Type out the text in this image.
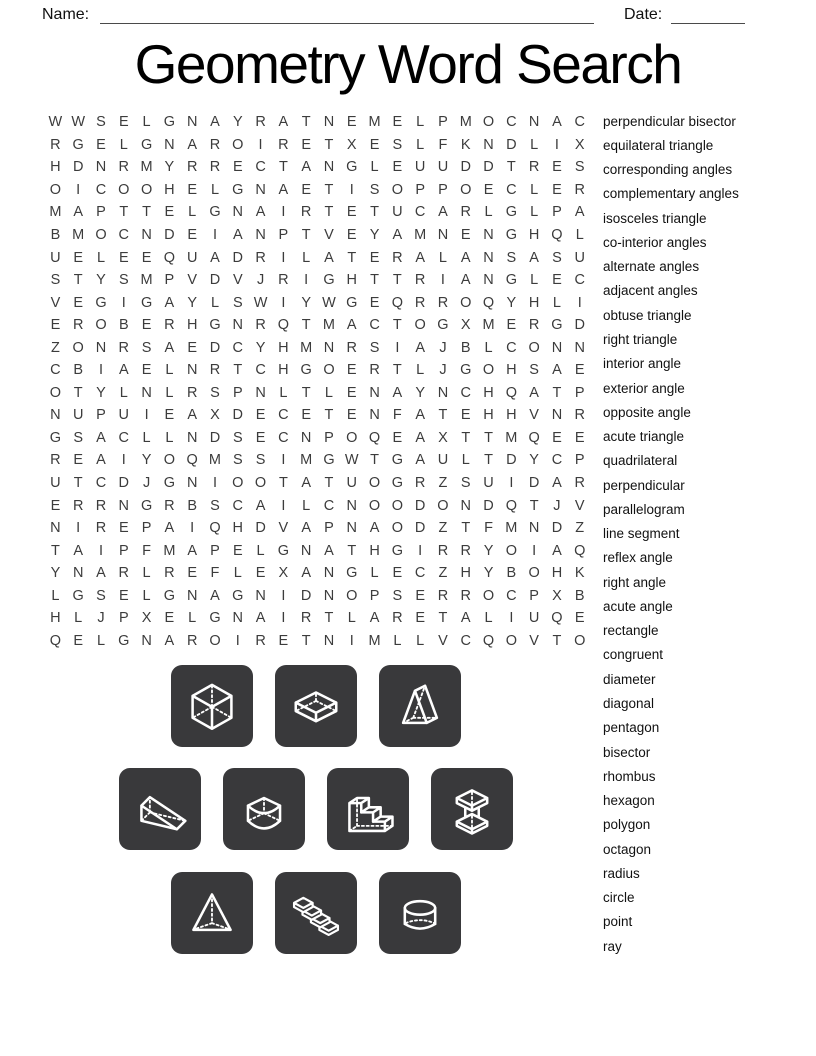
Name:	Date:
Geometry Word Search
W W S E L G N A Y R A T N E M E L P M O C N A C
R G E L G N A R O	I	R E T X E S L F K N D L	I	X
H D N R M Y R R E C T A N G L E U U D D T R E S
O	I	C O O H E L G N A E T	I	S O P P O E C L E R
M A P T T E L G N A	I	R T E T U C A R L G L P A
B M O C N D E	I	A N P T V E Y A M N E N G H Q L
U E L E E Q U A D R	I	L A T E R A L A N S A S U
S T Y S M P V D V J R	I	G H T T R	I	A N G L E C
V E G	I	G A Y L S W I	Y W G E Q R R O Q Y H L	I
E R O B E R H G N R Q T M A C T O G X M E R G D
Z O N R S A E D C Y H M N R S	I	A J B L C O N N
C B	I	A E L N R T C H G O E R T L	J G O H S A E
O T Y L N L R S P N L T L E N A Y N C H Q A T P
N U P U	I	E A X D E C E T E N F A T E H H V N R
G S A C L	L N D S E C N P O Q E A X T T M Q E E
R E A	I	Y O Q M S S	I	M G W T G A U L T D Y C P
U T C D J G N	I	O O T A T U O G R Z S U	I	D A R
E R R N G R B S C A	I	L C N O O D O N D Q T	J V
N	I	R E P A	I	Q H D V A P N A O D Z T F M N D Z
T A	I	P F M A P E L G N A T H G	I	R R Y O	I	A Q
Y N A R L R E F L E X A N G L E C Z H Y B O H K
L G S E L G N A G N	I	D N O P S E R R O C P X B
H L	J P X E L G N A	I	R T L A R E T A L	I	U Q E
Q E L G N A R O	I	R E T N	I	M L	L V C Q O V T O
perpendicular bisector
equilateral triangle
corresponding angles
complementary angles
isosceles triangle
co-interior angles
alternate angles
adjacent angles
obtuse triangle
right triangle
interior angle
exterior angle
opposite angle
acute triangle
quadrilateral
perpendicular
parallelogram
line segment
reflex angle
right angle
acute angle
rectangle
congruent
diameter
diagonal
pentagon
bisector
rhombus
hexagon
polygon
octagon
radius
circle
point
ray
